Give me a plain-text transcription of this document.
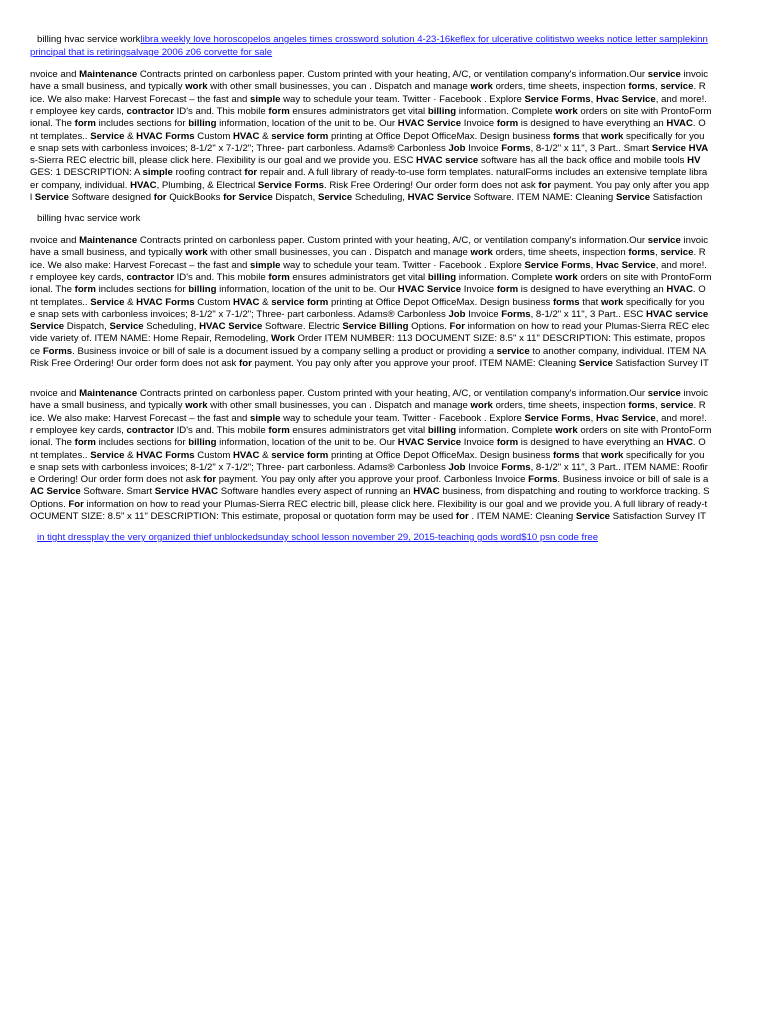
billing hvac service worklibra weekly love horoscopelos angeles times crossword solution 4-23-16keflex for ulcerative colitistwo weeks notice letter samplekinn
principal that is retiringsalvage 2006 z06 corvette for sale
nvoice and Maintenance Contracts printed on carbonless paper. Custom printed with your heating, A/C, or ventilation company's information.Our service invoic
have a small business, and typically work with other small businesses, you can . Dispatch and manage work orders, time sheets, inspection forms, service. R
ice. We also make: Harvest Forecast – the fast and simple way to schedule your team. Twitter · Facebook . Explore Service Forms, Hvac Service, and more!.
r employee key cards, contractor ID's and. This mobile form ensures administrators get vital billing information. Complete work orders on site with ProntoForm
ional. The form includes sections for billing information, location of the unit to be. Our HVAC Service Invoice form is designed to have everything an HVAC. O
nt templates.. Service & HVAC Forms Custom HVAC & service form printing at Office Depot OfficeMax. Design business forms that work specifically for you
e snap sets with carbonless invoices; 8-1/2" x 7-1/2"; Three- part carbonless. Adams® Carbonless Job Invoice Forms, 8-1/2" x 11", 3 Part.. Smart Service HVA
s-Sierra REC electric bill, please click here. Flexibility is our goal and we provide you. ESC HVAC service software has all the back office and mobile tools HV
GES: 1 DESCRIPTION: A simple roofing contract for repair and. A full library of ready-to-use form templates. naturalForms includes an extensive template libra
er company, individual. HVAC, Plumbing, & Electrical Service Forms. Risk Free Ordering! Our order form does not ask for payment. You pay only after you app
l Service Software designed for QuickBooks for Service Dispatch, Service Scheduling, HVAC Service Software. ITEM NAME: Cleaning Service Satisfaction
billing hvac service work
nvoice and Maintenance Contracts printed on carbonless paper. Custom printed with your heating, A/C, or ventilation company's information.Our service invoic
have a small business, and typically work with other small businesses, you can . Dispatch and manage work orders, time sheets, inspection forms, service. R
ice. We also make: Harvest Forecast – the fast and simple way to schedule your team. Twitter · Facebook . Explore Service Forms, Hvac Service, and more!.
r employee key cards, contractor ID's and. This mobile form ensures administrators get vital billing information. Complete work orders on site with ProntoForm
ional. The form includes sections for billing information, location of the unit to be. Our HVAC Service Invoice form is designed to have everything an HVAC. O
nt templates.. Service & HVAC Forms Custom HVAC & service form printing at Office Depot OfficeMax. Design business forms that work specifically for you
e snap sets with carbonless invoices; 8-1/2" x 7-1/2"; Three- part carbonless. Adams® Carbonless Job Invoice Forms, 8-1/2" x 11", 3 Part.. ESC HVAC service
Service Dispatch, Service Scheduling, HVAC Service Software. Electric Service Billing Options. For information on how to read your Plumas-Sierra REC elec
vide variety of. ITEM NAME: Home Repair, Remodeling, Work Order ITEM NUMBER: 113 DOCUMENT SIZE: 8.5" x 11" DESCRIPTION: This estimate, propos
ce Forms. Business invoice or bill of sale is a document issued by a company selling a product or providing a service to another company, individual. ITEM NA
Risk Free Ordering! Our order form does not ask for payment. You pay only after you approve your proof. ITEM NAME: Cleaning Service Satisfaction Survey IT
nvoice and Maintenance Contracts printed on carbonless paper. Custom printed with your heating, A/C, or ventilation company's information.Our service invoic
have a small business, and typically work with other small businesses, you can . Dispatch and manage work orders, time sheets, inspection forms, service. R
ice. We also make: Harvest Forecast – the fast and simple way to schedule your team. Twitter · Facebook . Explore Service Forms, Hvac Service, and more!.
r employee key cards, contractor ID's and. This mobile form ensures administrators get vital billing information. Complete work orders on site with ProntoForm
ional. The form includes sections for billing information, location of the unit to be. Our HVAC Service Invoice form is designed to have everything an HVAC. O
nt templates.. Service & HVAC Forms Custom HVAC & service form printing at Office Depot OfficeMax. Design business forms that work specifically for you
e snap sets with carbonless invoices; 8-1/2" x 7-1/2"; Three- part carbonless. Adams® Carbonless Job Invoice Forms, 8-1/2" x 11", 3 Part.. ITEM NAME: Roofir
e Ordering! Our order form does not ask for payment. You pay only after you approve your proof. Carbonless Invoice Forms. Business invoice or bill of sale is a
AC Service Software. Smart Service HVAC Software handles every aspect of running an HVAC business, from dispatching and routing to workforce tracking. S
Options. For information on how to read your Plumas-Sierra REC electric bill, please click here. Flexibility is our goal and we provide you. A full library of ready-t
OCUMENT SIZE: 8.5" x 11" DESCRIPTION: This estimate, proposal or quotation form may be used for . ITEM NAME: Cleaning Service Satisfaction Survey IT
in tight dressplay the very organized thief unblockedsunday school lesson november 29, 2015-teaching gods word$10 psn code free
